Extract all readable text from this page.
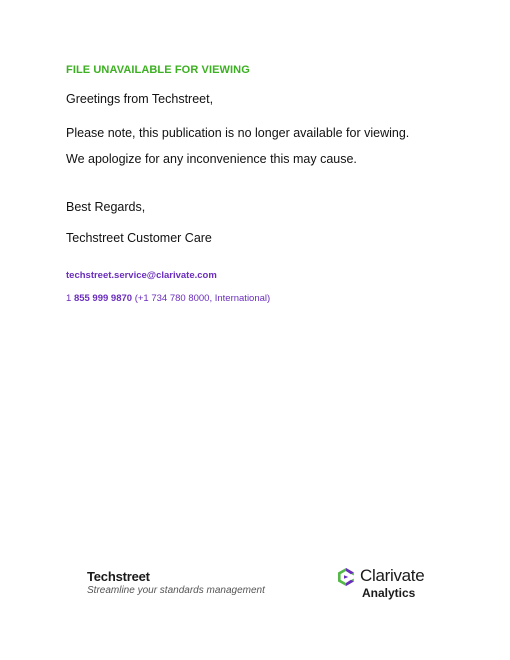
FILE UNAVAILABLE FOR VIEWING
Greetings from Techstreet,
Please note, this publication is no longer available for viewing.
We apologize for any inconvenience this may cause.
Best Regards,
Techstreet Customer Care
techstreet.service@clarivate.com
1 855 999 9870 (+1 734 780 8000, International)
Techstreet
Streamline your standards management
Clarivate
Analytics
